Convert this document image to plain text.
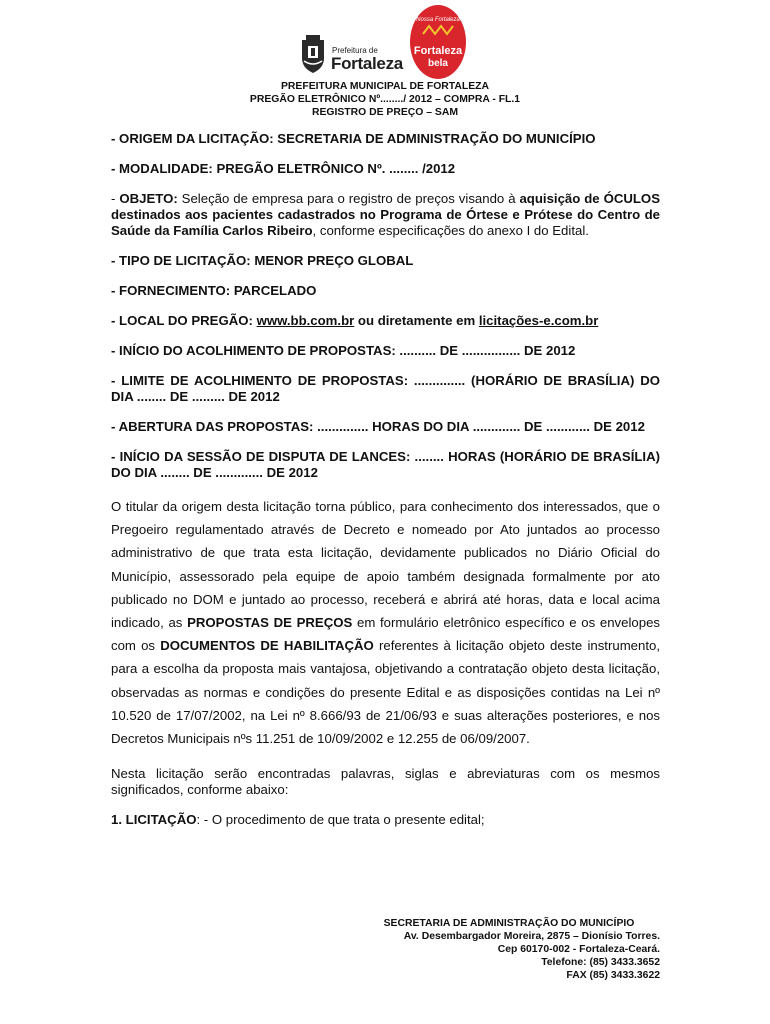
Prefeitura de
Fortaleza
Nossa Fortaleza
Fortaleza
bela
PREFEITURA MUNICIPAL DE FORTALEZA
PREGÃO ELETRÔNICO Nº......../ 2012 – COMPRA - FL.1
REGISTRO DE PREÇO – SAM

- ORIGEM DA LICITAÇÃO: SECRETARIA DE ADMINISTRAÇÃO DO MUNICÍPIO

- MODALIDADE: PREGÃO ELETRÔNICO Nº. ........ /2012

- OBJETO: Seleção de empresa para o registro de preços visando à aquisição de ÓCULOS destinados aos pacientes cadastrados no Programa de Órtese e Prótese do Centro de Saúde da Família Carlos Ribeiro, conforme especificações do anexo I do Edital.

- TIPO DE LICITAÇÃO: MENOR PREÇO GLOBAL

- FORNECIMENTO: PARCELADO

- LOCAL DO PREGÃO: www.bb.com.br ou diretamente em licitações-e.com.br

- INÍCIO DO ACOLHIMENTO DE PROPOSTAS: .......... DE ................ DE 2012

- LIMITE DE ACOLHIMENTO DE PROPOSTAS: .............. (HORÁRIO DE BRASÍLIA) DO DIA ........ DE ......... DE 2012

- ABERTURA DAS PROPOSTAS: .............. HORAS DO DIA ............. DE ............ DE 2012

- INÍCIO DA SESSÃO DE DISPUTA DE LANCES: ........ HORAS (HORÁRIO DE BRASÍLIA) DO DIA ........ DE ............. DE 2012

O titular da origem desta licitação torna público, para conhecimento dos interessados, que o Pregoeiro regulamentado através de Decreto e nomeado por Ato juntados ao processo administrativo de que trata esta licitação, devidamente publicados no Diário Oficial do Município, assessorado pela equipe de apoio também designada formalmente por ato publicado no DOM e juntado ao processo, receberá e abrirá até horas, data e local acima indicado, as PROPOSTAS DE PREÇOS em formulário eletrônico específico e os envelopes com os DOCUMENTOS DE HABILITAÇÃO referentes à licitação objeto deste instrumento, para a escolha da proposta mais vantajosa, objetivando a contratação objeto desta licitação, observadas as normas e condições do presente Edital e as disposições contidas na Lei nº 10.520 de 17/07/2002, na Lei nº 8.666/93 de 21/06/93 e suas alterações posteriores, e nos Decretos Municipais nºs 11.251 de 10/09/2002 e 12.255 de 06/09/2007.

Nesta licitação serão encontradas palavras, siglas e abreviaturas com os mesmos significados, conforme abaixo:

1. LICITAÇÃO: - O procedimento de que trata o presente edital;

SECRETARIA DE ADMINISTRAÇÃO DO MUNICÍPIO
Av. Desembargador Moreira, 2875 – Dionísio Torres.
Cep 60170-002 - Fortaleza-Ceará.
Telefone: (85) 3433.3652
FAX (85) 3433.3622
